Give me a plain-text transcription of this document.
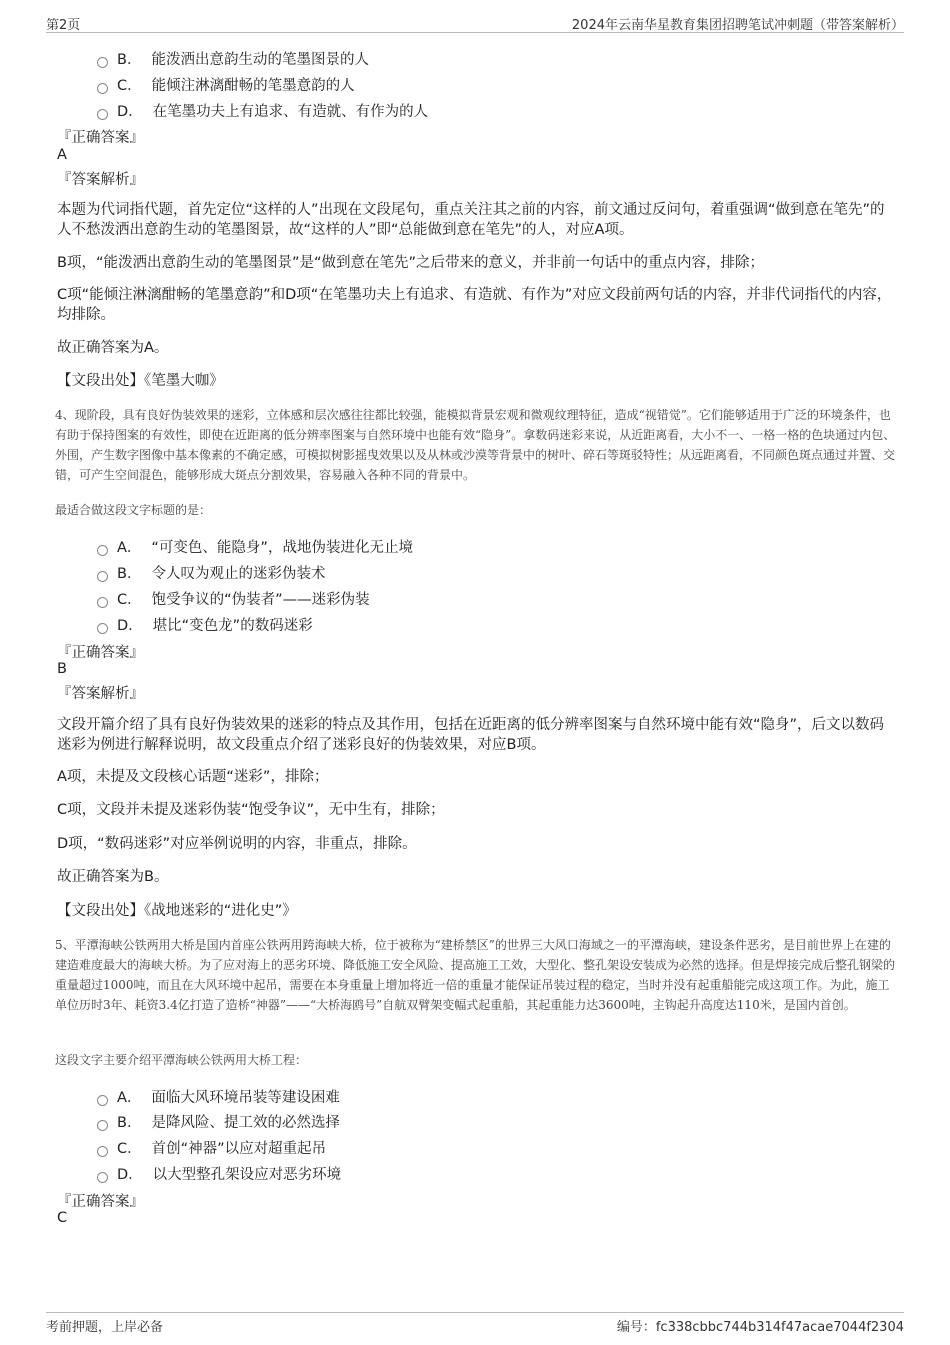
第2页	2024年云南华星教育集团招聘笔试冲刺题（带答案解析）
B． 能泼洒出意韵生动的笔墨图景的人
C． 能倾注淋漓酣畅的笔墨意韵的人
D． 在笔墨功夫上有追求、有造就、有作为的人
『正确答案』
A
『答案解析』
本题为代词指代题，首先定位“这样的人”出现在文段尾句，重点关注其之前的内容，前文通过反问句，着重强调“做到意在笔先”的人不愁泼洒出意韵生动的笔墨图景，故“这样的人”即“总能做到意在笔先”的人，对应A项。
B项，“能泼洒出意韵生动的笔墨图景”是“做到意在笔先”之后带来的意义，并非前一句话中的重点内容，排除；
C项“能倾注淋漓酣畅的笔墨意韵”和D项“在笔墨功夫上有追求、有造就、有作为”对应文段前两句话的内容，并非代词指代的内容，均排除。
故正确答案为A。
【文段出处】《笔墨大咖》
4、现阶段，具有良好伪装效果的迷彩，立体感和层次感往往都比较强，能模拟背景宏观和微观纹理特征，造成“视错觉”。它们能够适用于广泛的环境条件，也有助于保持图案的有效性，即使在近距离的低分辨率图案与自然环境中也能有效“隐身”。拿数码迷彩来说，从近距离看，大小不一、一格一格的色块通过内包、外围，产生数字图像中基本像素的不确定感，可模拟树影摇曳效果以及从林或沙漠等背景中的树叶、碎石等斑驳特性；从远距离看，不同颜色斑点通过并置、交错，可产生空间混色，能够形成大斑点分割效果，容易融入各种不同的背景中。
最适合做这段文字标题的是：
A． “可变色、能隐身”，战地伪装进化无止境
B． 令人叹为观止的迷彩伪装术
C． 饱受争议的“伪装者”——迷彩伪装
D． 堪比“变色龙”的数码迷彩
『正确答案』
B
『答案解析』
文段开篇介绍了具有良好伪装效果的迷彩的特点及其作用，包括在近距离的低分辨率图案与自然环境中能有效“隐身”，后文以数码迷彩为例进行解释说明，故文段重点介绍了迷彩良好的伪装效果，对应B项。
A项，未提及文段核心话题“迷彩”，排除；
C项，文段并未提及迷彩伪装“饱受争议”，无中生有，排除；
D项，“数码迷彩”对应举例说明的内容，非重点，排除。
故正确答案为B。
【文段出处】《战地迷彩的“进化史”》
5、平潭海峡公铁两用大桥是国内首座公铁两用跨海峡大桥，位于被称为“建桥禁区”的世界三大风口海域之一的平潭海峡，建设条件恶劣，是目前世界上在建的建造难度最大的海峡大桥。为了应对海上的恶劣环境、降低施工安全风险、提高施工工效，大型化、整孔架设安装成为必然的选择。但是焊接完成后整孔钢梁的重量超过1000吨，而且在大风环境中起吊，需要在本身重量上增加将近一倍的重量才能保证吊装过程的稳定，当时并没有起重船能完成这项工作。为此，施工单位历时3年、耗资3.4亿打造了造桥“神器”——“大桥海鸥号”自航双臂架变幅式起重船，其起重能力达3600吨，主钩起升高度达110米，是国内首创。
这段文字主要介绍平潭海峡公铁两用大桥工程：
A． 面临大风环境吊装等建设困难
B． 是降风险、提工效的必然选择
C． 首创“神器”以应对超重起吊
D． 以大型整孔架设应对恶劣环境
『正确答案』
C
考前押题，上岸必备	编号：fc338cbbc744b314f47acae7044f2304
